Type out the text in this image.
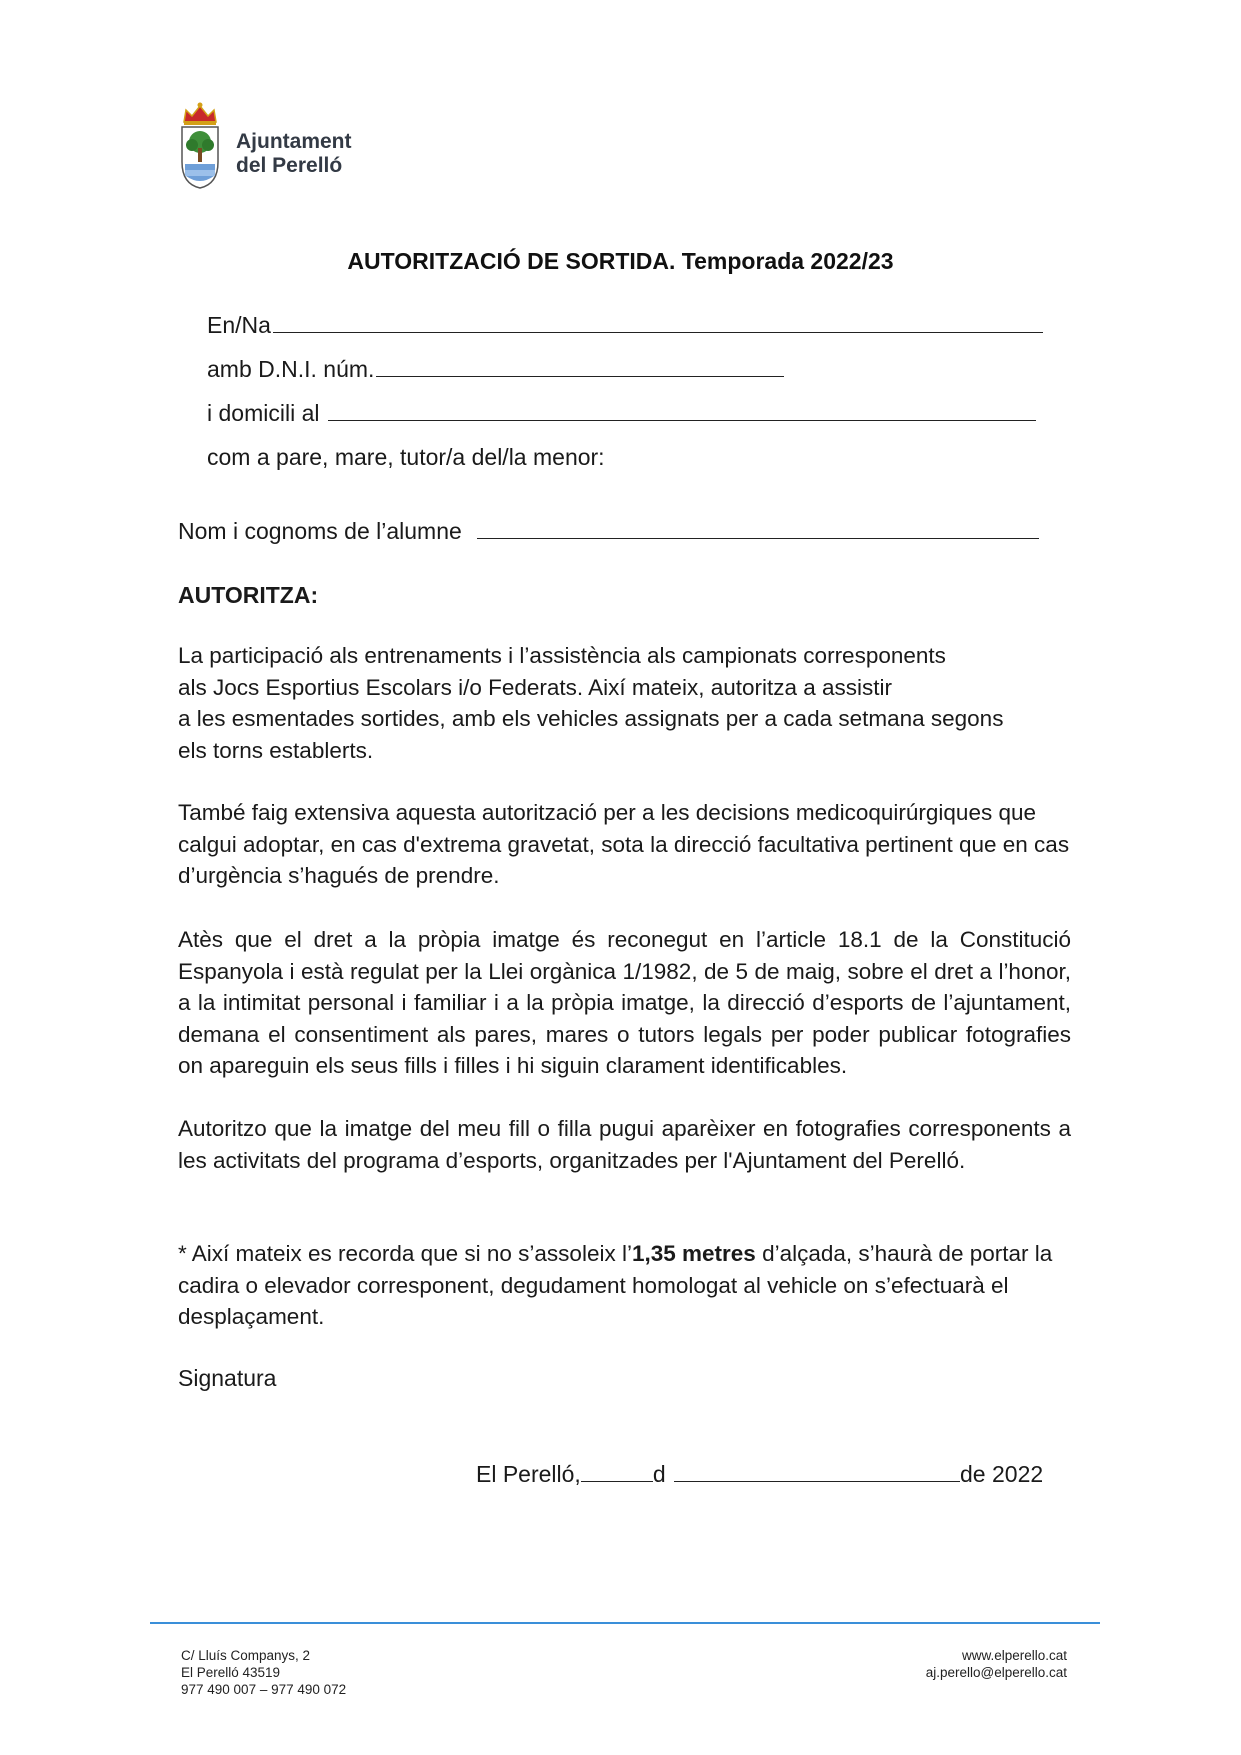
Ajuntament
del Perelló
AUTORITZACIÓ DE SORTIDA. Temporada 2022/23
En/Na
amb D.N.I. núm.
i domicili al
com a pare, mare, tutor/a del/la menor:
Nom i cognoms de l’alumne
AUTORITZA:
La participació als entrenaments i l’assistència als campionats corresponents
als Jocs Esportius Escolars i/o Federats. Així mateix, autoritza a assistir
a les esmentades sortides, amb els vehicles assignats per a cada setmana segons
els torns establerts.

També faig extensiva aquesta autorització per a les decisions medicoquirúrgiques que calgui adoptar, en cas d'extrema gravetat, sota la direcció facultativa pertinent que en cas d’urgència s’hagués de prendre.

Atès que el dret a la pròpia imatge és reconegut en l’article 18.1 de la Constitució Espanyola i està regulat per la Llei orgànica 1/1982, de 5 de maig, sobre el dret a l’honor, a la intimitat personal i familiar i a la pròpia imatge, la direcció d’esports de l’ajuntament, demana el consentiment als pares, mares o tutors legals per poder publicar fotografies on apareguin els seus fills i filles i hi siguin clarament identificables.

Autoritzo que la imatge del meu fill o filla pugui aparèixer en fotografies corresponents a les activitats del programa d’esports, organitzades per l'Ajuntament del Perelló.

* Així mateix es recorda que si no s’assoleix l’1,35 metres d’alçada, s’haurà de portar la cadira o elevador corresponent, degudament homologat al vehicle on s’efectuarà el desplaçament.

Signatura
El Perelló,	d	de 2022
C/ Lluís Companys, 2
El Perelló 43519
977 490 007 – 977 490 072
www.elperello.cat
aj.perello@elperello.cat
